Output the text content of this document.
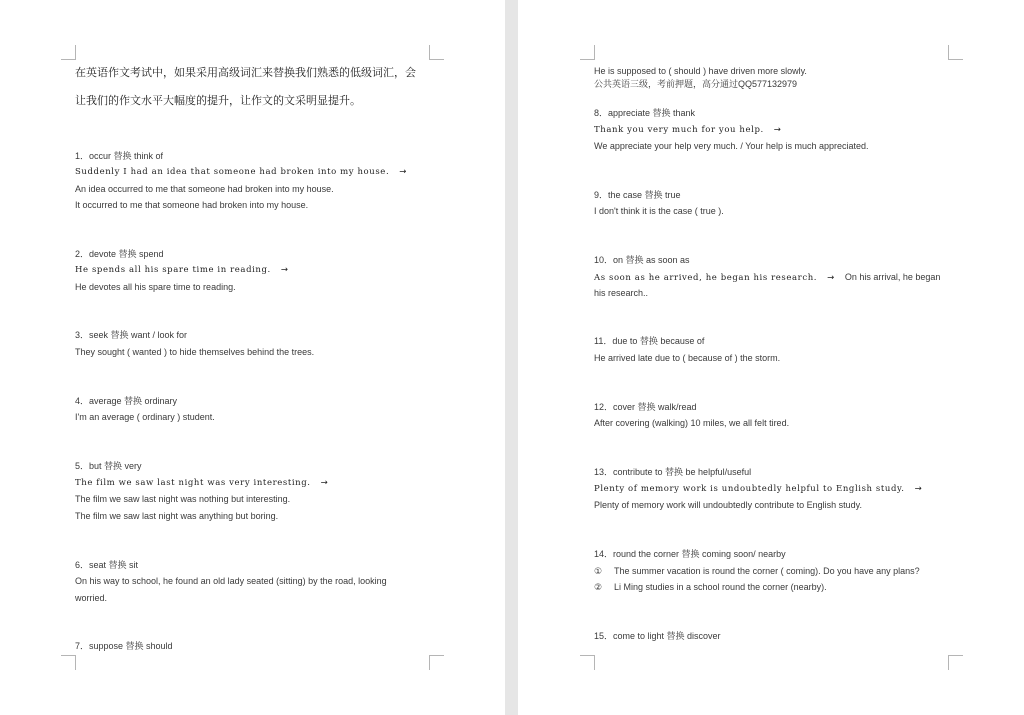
在英语作文考试中，如果采用高级词汇来替换我们熟悉的低级词汇，会
让我们的作文水平大幅度的提升，让作文的文采明显提升。
1．occur 替换 think of
Suddenly I had an idea that someone had broken into my house. →
An idea occurred to me that someone had broken into my house.
It occurred to me that someone had broken into my house.
2．devote 替换 spend
He spends all his spare time in reading. →
He devotes all his spare time to reading.
3．seek 替换 want / look for
They sought ( wanted ) to hide themselves behind the trees.
4．average 替换 ordinary
I'm an average ( ordinary ) student.
5．but 替换 very
The film we saw last night was very interesting. →
The film we saw last night was nothing but interesting.
The film we saw last night was anything but boring.
6．seat 替换 sit
On his way to school, he found an old lady seated (sitting) by the road, looking
worried.
7．suppose 替换 should
He is supposed to ( should ) have driven more slowly.
公共英语三级，考前押题，高分通过QQ577132979
8．appreciate 替换 thank
Thank you very much for you help. →
We appreciate your help very much. / Your help is much appreciated.
9．the case 替换 true
I don't think it is the case ( true ).
10．on 替换 as soon as
As soon as he arrived, he began his research. → On his arrival, he began
his research..
11．due to 替换 because of
He arrived late due to ( because of ) the storm.
12．cover 替换 walk/read
After covering (walking) 10 miles, we all felt tired.
13．contribute to 替换 be helpful/useful
Plenty of memory work is undoubtedly helpful to English study. →
Plenty of memory work will undoubtedly contribute to English study.
14．round the corner 替换 coming soon/ nearby
① The summer vacation is round the corner ( coming). Do you have any plans?
② Li Ming studies in a school round the corner (nearby).
15．come to light 替换 discover
